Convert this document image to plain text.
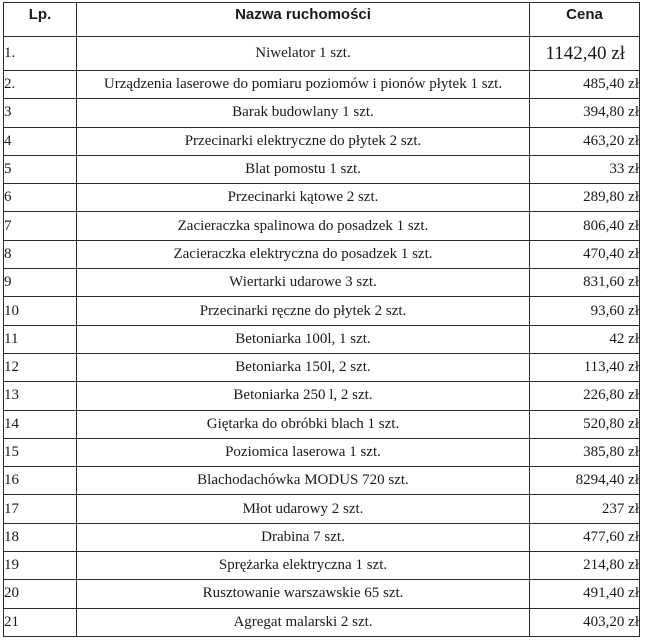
Lp.	Nazwa ruchomości	Cena
1.	Niwelator 1 szt.	1142,40 zł
2.	Urządzenia laserowe do pomiaru poziomów i pionów płytek 1 szt.	485,40 zł
3	Barak budowlany 1 szt.	394,80 zł
4	Przecinarki elektryczne do płytek 2 szt.	463,20 zł
5	Blat pomostu 1 szt.	33 zł
6	Przecinarki kątowe 2 szt.	289,80 zł
7	Zacieraczka spalinowa do posadzek 1 szt.	806,40 zł
8	Zacieraczka elektryczna do posadzek 1 szt.	470,40 zł
9	Wiertarki udarowe 3 szt.	831,60 zł
10	Przecinarki ręczne do płytek 2 szt.	93,60 zł
11	Betoniarka 100l, 1 szt.	42 zł
12	Betoniarka 150l, 2 szt.	113,40 zł
13	Betoniarka 250 l, 2 szt.	226,80 zł
14	Giętarka do obróbki blach 1 szt.	520,80 zł
15	Poziomica laserowa 1 szt.	385,80 zł
16	Blachodachówka MODUS 720 szt.	8294,40 zł
17	Młot udarowy 2 szt.	237 zł
18	Drabina 7 szt.	477,60 zł
19	Sprężarka elektryczna 1 szt.	214,80 zł
20	Rusztowanie warszawskie 65 szt.	491,40 zł
21	Agregat malarski 2 szt.	403,20 zł
